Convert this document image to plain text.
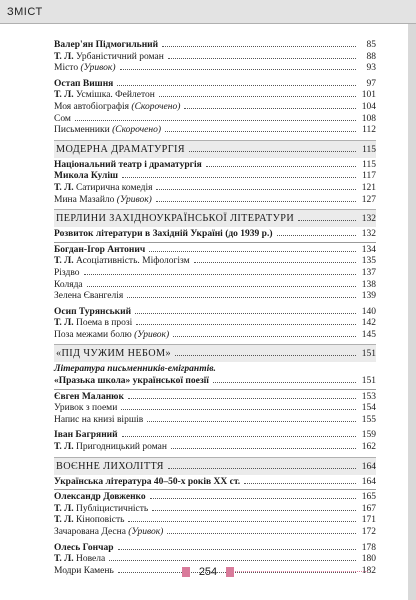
ЗМІСТ
Валер'ян Підмогильний	85
Т. Л. Урбаністичний роман	88
Місто (Уривок)	93
Остап Вишня	97
Т. Л. Усмішка. Фейлетон	101
Моя автобіографія (Скорочено)	104
Сом	108
Письменники (Скорочено)	112
МОДЕРНА ДРАМАТУРГІЯ	115
Національний театр і драматургія	115
Микола Куліш	117
Т. Л. Сатирична комедія	121
Мина Мазайло (Уривок)	127
ПЕРЛИНИ ЗАХІДНОУКРАЇНСЬКОЇ ЛІТЕРАТУРИ	132
Розвиток літератури в Західній Україні (до 1939 р.)	132
Богдан-Ігор Антонич	134
Т. Л. Асоціативність. Міфологізм	135
Різдво	137
Коляда	138
Зелена Євангелія	139
Осип Турянський	140
Т. Л. Поема в прозі	142
Поза межами болю (Уривок)	145
«ПІД ЧУЖИМ НЕБОМ»	151
Література письменників-емігрантів.
«Празька школа» української поезії	151
Євген Маланюк	153
Уривок з поеми	154
Напис на книзі віршів	155
Іван Багряний	159
Т. Л. Пригодницький роман	162
ВОЄННЕ ЛИХОЛІТТЯ	164
Українська література 40–50-х років XX ст.	164
Олександр Довженко	165
Т. Л. Публіцистичність	167
Т. Л. Кіноповість	171
Зачарована Десна (Уривок)	172
Олесь Гончар	178
Т. Л. Новела	180
Модри Камень	182
254
